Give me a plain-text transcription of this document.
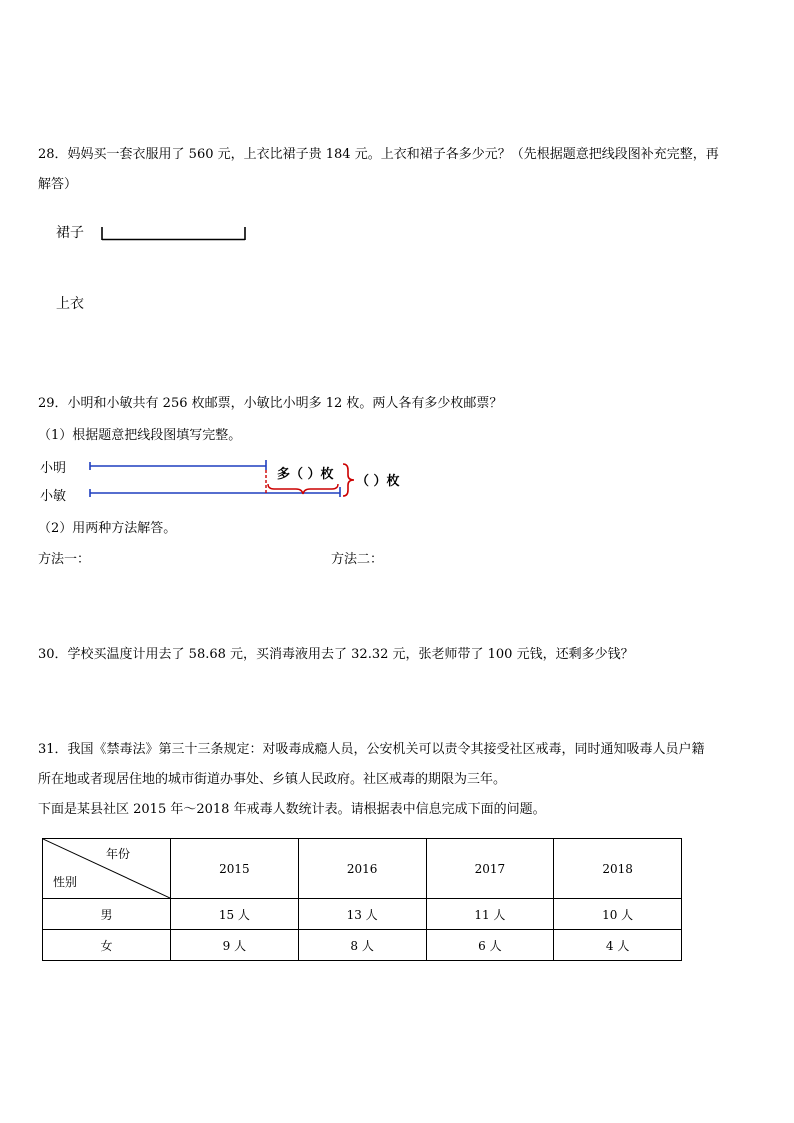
28．妈妈买一套衣服用了 560 元，上衣比裙子贵 184 元。上衣和裙子各多少元？（先根据题意把线段图补充完整，再
解答）
裙子
上衣
29．小明和小敏共有 256 枚邮票，小敏比小明多 12 枚。两人各有多少枚邮票？
（1）根据题意把线段图填写完整。
小明
小敏
多（ ）枚 （ ）枚
（2）用两种方法解答。
方法一：	方法二：
30．学校买温度计用去了 58.68 元，买消毒液用去了 32.32 元，张老师带了 100 元钱，还剩多少钱？
31．我国《禁毒法》第三十三条规定：对吸毒成瘾人员，公安机关可以责令其接受社区戒毒，同时通知吸毒人员户籍
所在地或者现居住地的城市街道办事处、乡镇人民政府。社区戒毒的期限为三年。
下面是某县社区 2015 年～2018 年戒毒人数统计表。请根据表中信息完成下面的问题。
年份
性别	2015	2016	2017	2018
男	15 人	13 人	11 人	10 人
女	9 人	8 人	6 人	4 人
